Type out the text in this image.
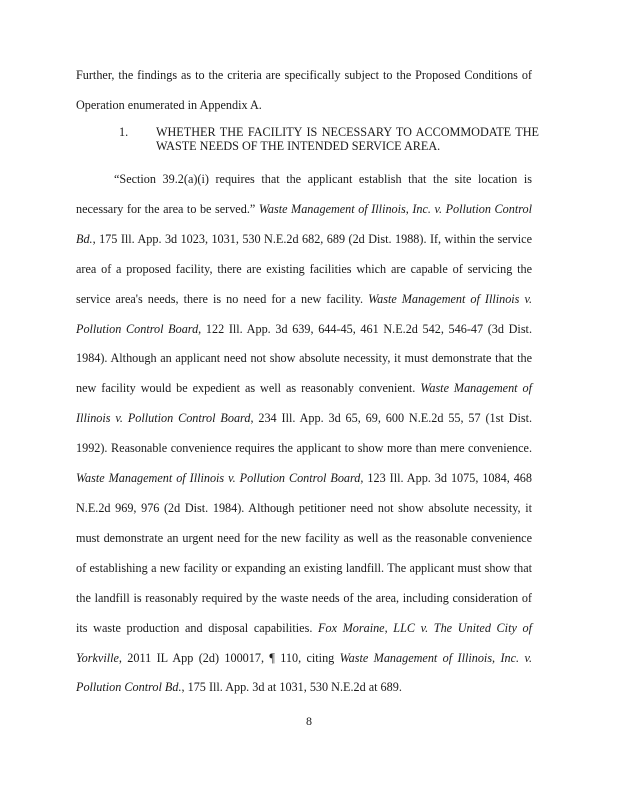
Further, the findings as to the criteria are specifically subject to the Proposed Conditions of Operation enumerated in Appendix A.

1. WHETHER THE FACILITY IS NECESSARY TO ACCOMMODATE THE WASTE NEEDS OF THE INTENDED SERVICE AREA.

“Section 39.2(a)(i) requires that the applicant establish that the site location is necessary for the area to be served.” Waste Management of Illinois, Inc. v. Pollution Control Bd., 175 Ill. App. 3d 1023, 1031, 530 N.E.2d 682, 689 (2d Dist. 1988). If, within the service area of a proposed facility, there are existing facilities which are capable of servicing the service area's needs, there is no need for a new facility. Waste Management of Illinois v. Pollution Control Board, 122 Ill. App. 3d 639, 644-45, 461 N.E.2d 542, 546-47 (3d Dist. 1984). Although an applicant need not show absolute necessity, it must demonstrate that the new facility would be expedient as well as reasonably convenient. Waste Management of Illinois v. Pollution Control Board, 234 Ill. App. 3d 65, 69, 600 N.E.2d 55, 57 (1st Dist. 1992). Reasonable convenience requires the applicant to show more than mere convenience. Waste Management of Illinois v. Pollution Control Board, 123 Ill. App. 3d 1075, 1084, 468 N.E.2d 969, 976 (2d Dist. 1984). Although petitioner need not show absolute necessity, it must demonstrate an urgent need for the new facility as well as the reasonable convenience of establishing a new facility or expanding an existing landfill. The applicant must show that the landfill is reasonably required by the waste needs of the area, including consideration of its waste production and disposal capabilities. Fox Moraine, LLC v. The United City of Yorkville, 2011 IL App (2d) 100017, ¶ 110, citing Waste Management of Illinois, Inc. v. Pollution Control Bd., 175 Ill. App. 3d at 1031, 530 N.E.2d at 689.

8
